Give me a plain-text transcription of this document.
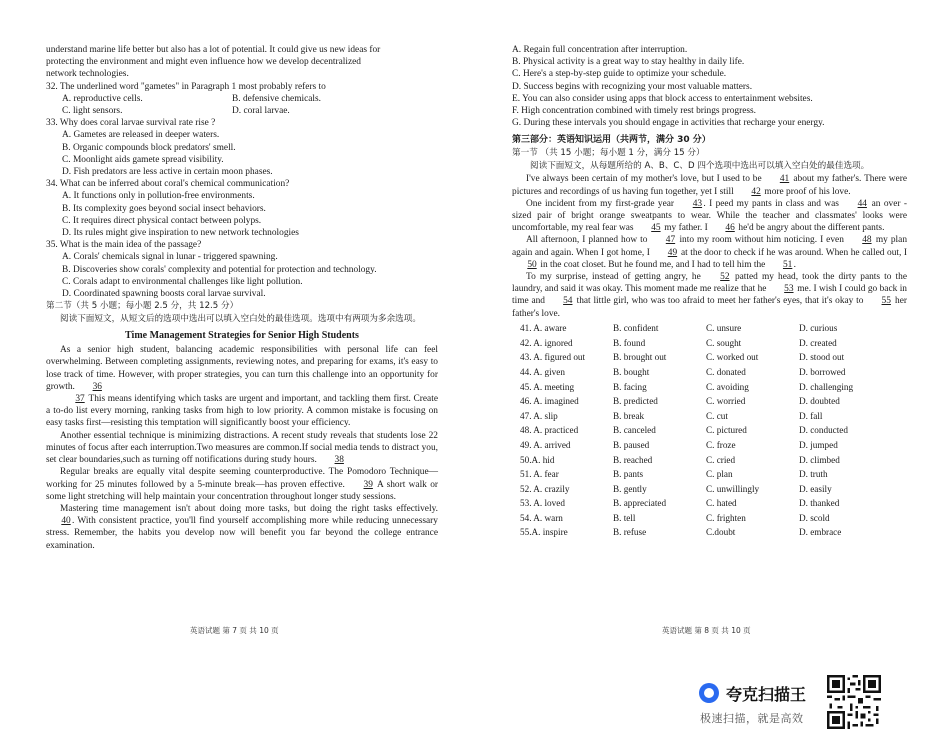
understand marine life better but also has a lot of potential. It could give us new ideas for

protecting the environment and might even influence how we develop decentralized

network technologies.

32. The underlined word "gametes" in Paragraph 1 most probably refers to

A. reproductive cells.	B. defensive chemicals.
C. light sensors.	D. coral larvae.

33. Why does coral larvae survival rate rise ?

A. Gametes are released in deeper waters.

B. Organic compounds block predators' smell.

C. Moonlight aids gamete spread visibility.

D. Fish predators are less active in certain moon phases.

34. What can be inferred about coral's chemical communication?

A. It functions only in pollution-free environments.

B. Its complexity goes beyond social insect behaviors.

C. It requires direct physical contact between polyps.

D. Its rules might give inspiration to new network technologies

35. What is the main idea of the passage?

A. Corals' chemicals signal in lunar - triggered spawning.

B. Discoveries show corals' complexity and potential for protection and technology.

C. Corals adapt to environmental challenges like light pollution.

D. Coordinated spawning boosts coral larvae survival.

第二节（共 5 小题；每小题 2.5 分，共 12.5 分）

阅读下面短文，从短文后的选项中选出可以填入空白处的最佳选项。选项中有两项为多余选项。

Time Management Strategies for Senior High Students

As a senior high student, balancing academic responsibilities with personal life can feel overwhelming. Between completing assignments, reviewing notes, and preparing for exams, it's easy to lose track of time. However, with proper strategies, you can turn this challenge into an opportunity for growth. 36

37 This means identifying which tasks are urgent and important, and tackling them first. Create a to-do list every morning, ranking tasks from high to low priority. A common mistake is focusing on easy tasks first—resisting this temptation will significantly boost your efficiency.

Another essential technique is minimizing distractions. A recent study reveals that students lose 22 minutes of focus after each interruption.Two measures are common.If social media tends to distract you, set clear boundaries,such as turning off notifications during study hours. 38

Regular breaks are equally vital despite seeming counterproductive. The Pomodoro Technique—working for 25 minutes followed by a 5-minute break—has proven effective. 39 A short walk or some light stretching will help maintain your concentration throughout longer study sessions.

Mastering time management isn't about doing more tasks, but doing the right tasks effectively. 40. With consistent practice, you'll find yourself accomplishing more while reducing unnecessary stress. Remember, the habits you develop now will benefit you far beyond the college entrance examination.

英语试题 第 7 页 共 10 页

A. Regain full concentration after interruption.

B. Physical activity is a great way to stay healthy in daily life.

C. Here's a step-by-step guide to optimize your schedule.

D. Success begins with recognizing your most valuable matters.

E. You can also consider using apps that block access to entertainment websites.

F. High concentration combined with timely rest brings progress.

G. During these intervals you should engage in activities that recharge your energy.

第三部分：英语知识运用（共两节，满分 30 分）

第一节 （共 15 小题；每小题 1 分，满分 15 分）

阅读下面短文，从每题所给的 A、B、C、D 四个选项中选出可以填入空白处的最佳选项。

I've always been certain of my mother's love, but I used to be 41 about my father's. There were pictures and recordings of us having fun together, yet I still 42 more proof of his love.

One incident from my first-grade year 43. I peed my pants in class and was 44 an over - sized pair of bright orange sweatpants to wear. While the teacher and classmates' looks were uncomfortable, my real fear was 45 my father. I 46 he'd be angry about the different pants.

All afternoon, I planned how to 47 into my room without him noticing. I even 48 my plan again and again. When I got home, I 49 at the door to check if he was around. When he called out, I 50 in the coat closet. But he found me, and I had to tell him the 51.

To my surprise, instead of getting angry, he 52 patted my head, took the dirty pants to the laundry, and said it was okay. This moment made me realize that he 53 me. I wish I could go back in time and 54 that little girl, who was too afraid to meet her father's eyes, that it's okay to 55 her father's love.

41. A. aware	B. confident	C. unsure	D. curious
42. A. ignored	B. found	C. sought	D. created
43. A. figured out	B. brought out	C. worked out	D. stood out
44. A. given	B. bought	C. donated	D. borrowed
45. A. meeting	B. facing	C. avoiding	D. challenging
46. A. imagined	B. predicted	C. worried	D. doubted
47. A. slip	B. break	C. cut	D. fall
48. A. practiced	B. canceled	C. pictured	D. conducted
49. A. arrived	B. paused	C. froze	D. jumped
50.A. hid	B. reached	C. cried	D. climbed
51. A. fear	B. pants	C. plan	D. truth
52. A. crazily	B. gently	C. unwillingly	D. easily
53. A. loved	B. appreciated	C. hated	D. thanked
54. A. warn	B. tell	C. frighten	D. scold
55.A. inspire	B. refuse	C.doubt	D. embrace
英语试题 第 8 页 共 10 页
夸克扫描王
极速扫描，就是高效
